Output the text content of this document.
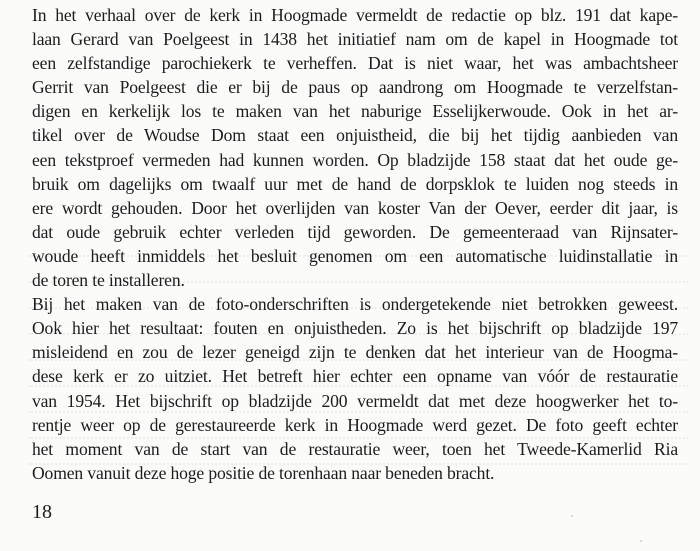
In het verhaal over de kerk in Hoogmade vermeldt de redactie op blz. 191 dat kape-
laan Gerard van Poelgeest in 1438 het initiatief nam om de kapel in Hoogmade tot
een zelfstandige parochiekerk te verheffen. Dat is niet waar, het was ambachtsheer
Gerrit van Poelgeest die er bij de paus op aandrong om Hoogmade te verzelfstan-
digen en kerkelijk los te maken van het naburige Esselijkerwoude. Ook in het ar-
tikel over de Woudse Dom staat een onjuistheid, die bij het tijdig aanbieden van
een tekstproef vermeden had kunnen worden. Op bladzijde 158 staat dat het oude ge-
bruik om dagelijks om twaalf uur met de hand de dorpsklok te luiden nog steeds in
ere wordt gehouden. Door het overlijden van koster Van der Oever, eerder dit jaar, is
dat oude gebruik echter verleden tijd geworden. De gemeenteraad van Rijnsater-
woude heeft inmiddels het besluit genomen om een automatische luidinstallatie in
de toren te installeren.
Bij het maken van de foto-onderschriften is ondergetekende niet betrokken geweest.
Ook hier het resultaat: fouten en onjuistheden. Zo is het bijschrift op bladzijde 197
misleidend en zou de lezer geneigd zijn te denken dat het interieur van de Hoogma-
dese kerk er zo uitziet. Het betreft hier echter een opname van vóór de restauratie
van 1954. Het bijschrift op bladzijde 200 vermeldt dat met deze hoogwerker het to-
rentje weer op de gerestaureerde kerk in Hoogmade werd gezet. De foto geeft echter
het moment van de start van de restauratie weer, toen het Tweede-Kamerlid Ria
Oomen vanuit deze hoge positie de torenhaan naar beneden bracht.
18
